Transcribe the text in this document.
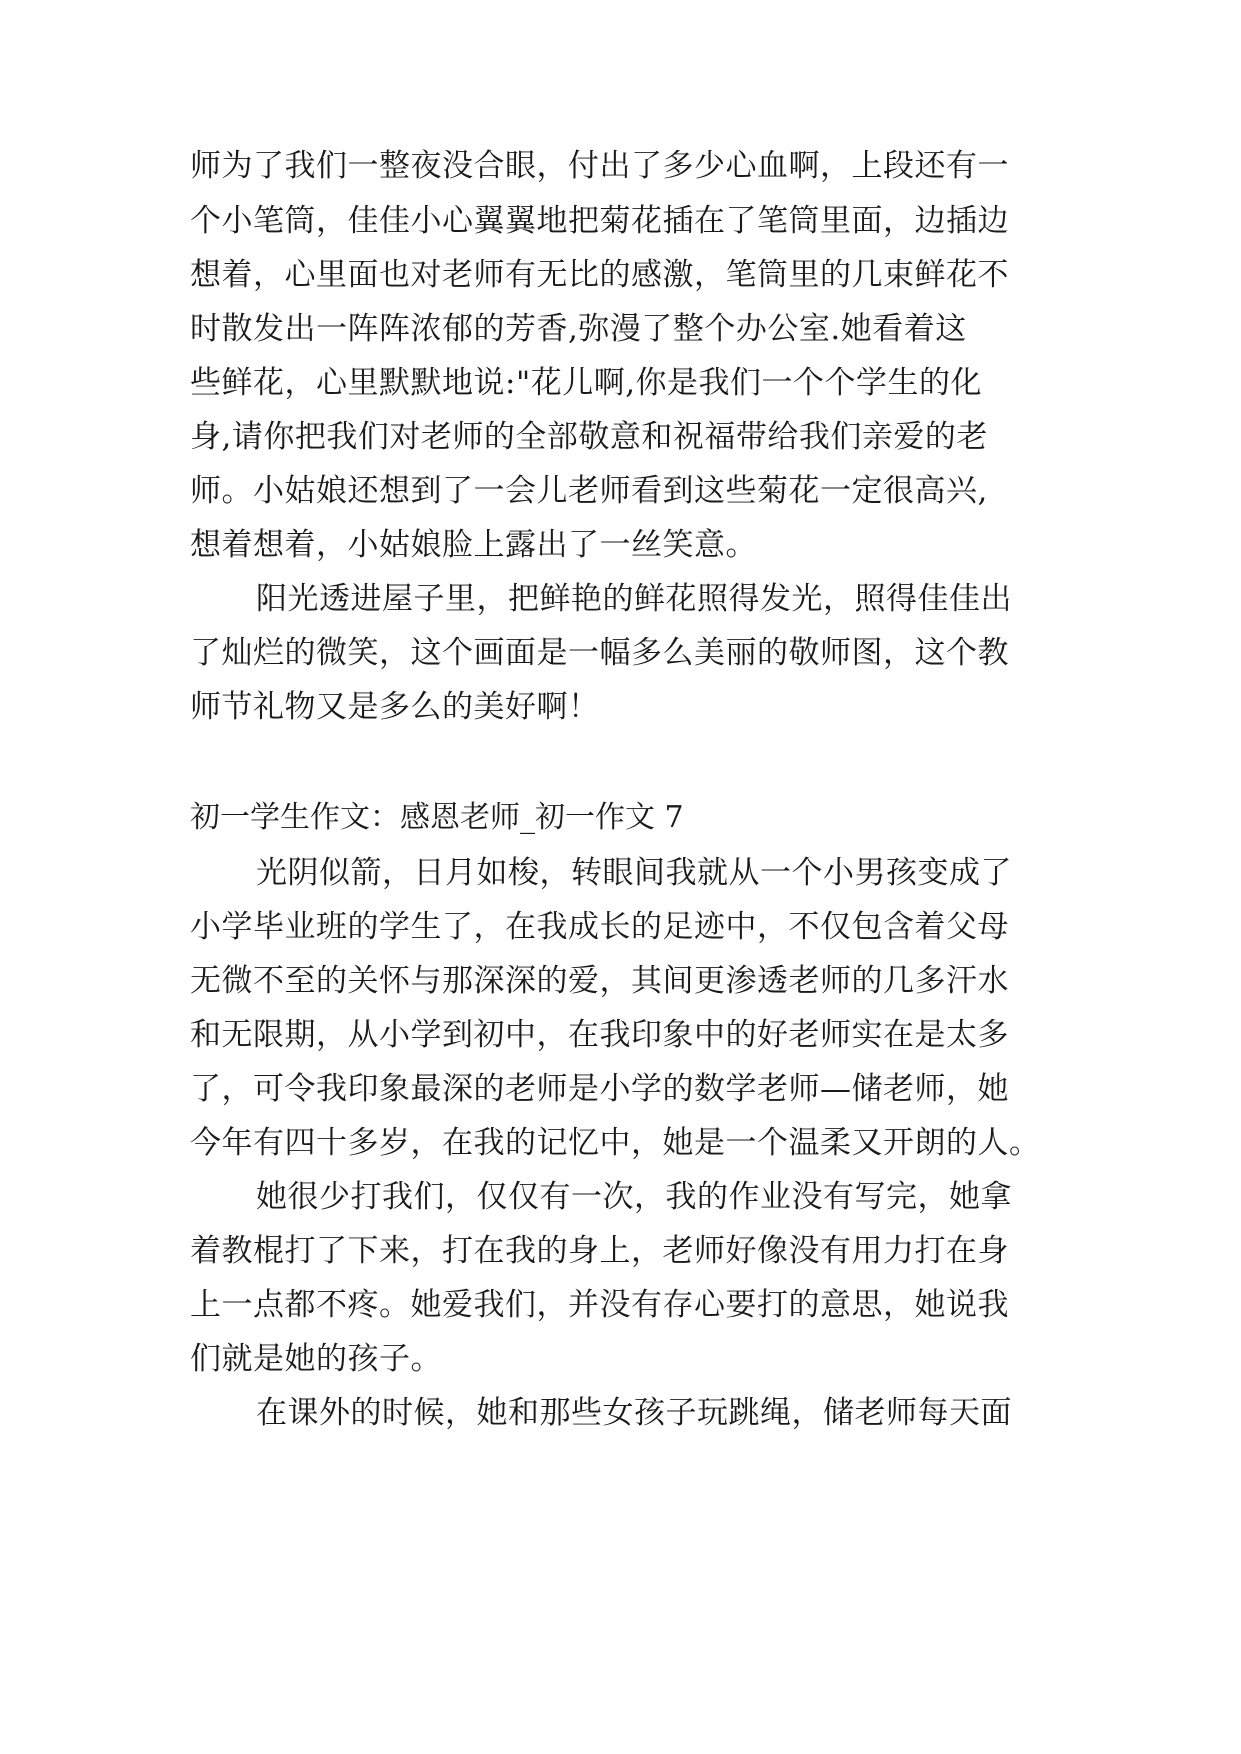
师为了我们一整夜没合眼，付出了多少心血啊，上段还有一
个小笔筒，佳佳小心翼翼地把菊花插在了笔筒里面，边插边
想着，心里面也对老师有无比的感激，笔筒里的几束鲜花不
时散发出一阵阵浓郁的芳香,弥漫了整个办公室.她看着这
些鲜花，心里默默地说:"花儿啊,你是我们一个个学生的化
身,请你把我们对老师的全部敬意和祝福带给我们亲爱的老
师。小姑娘还想到了一会儿老师看到这些菊花一定很高兴,
想着想着，小姑娘脸上露出了一丝笑意。
阳光透进屋子里，把鲜艳的鲜花照得发光，照得佳佳出
了灿烂的微笑，这个画面是一幅多么美丽的敬师图，这个教
师节礼物又是多么的美好啊！
初一学生作文：感恩老师_初一作文 7
光阴似箭，日月如梭，转眼间我就从一个小男孩变成了
小学毕业班的学生了，在我成长的足迹中，不仅包含着父母
无微不至的关怀与那深深的爱，其间更渗透老师的几多汗水
和无限期，从小学到初中，在我印象中的好老师实在是太多
了，可令我印象最深的老师是小学的数学老师—储老师，她
今年有四十多岁，在我的记忆中，她是一个温柔又开朗的人。
她很少打我们，仅仅有一次，我的作业没有写完，她拿
着教棍打了下来，打在我的身上，老师好像没有用力打在身
上一点都不疼。她爱我们，并没有存心要打的意思，她说我
们就是她的孩子。
在课外的时候，她和那些女孩子玩跳绳，储老师每天面
